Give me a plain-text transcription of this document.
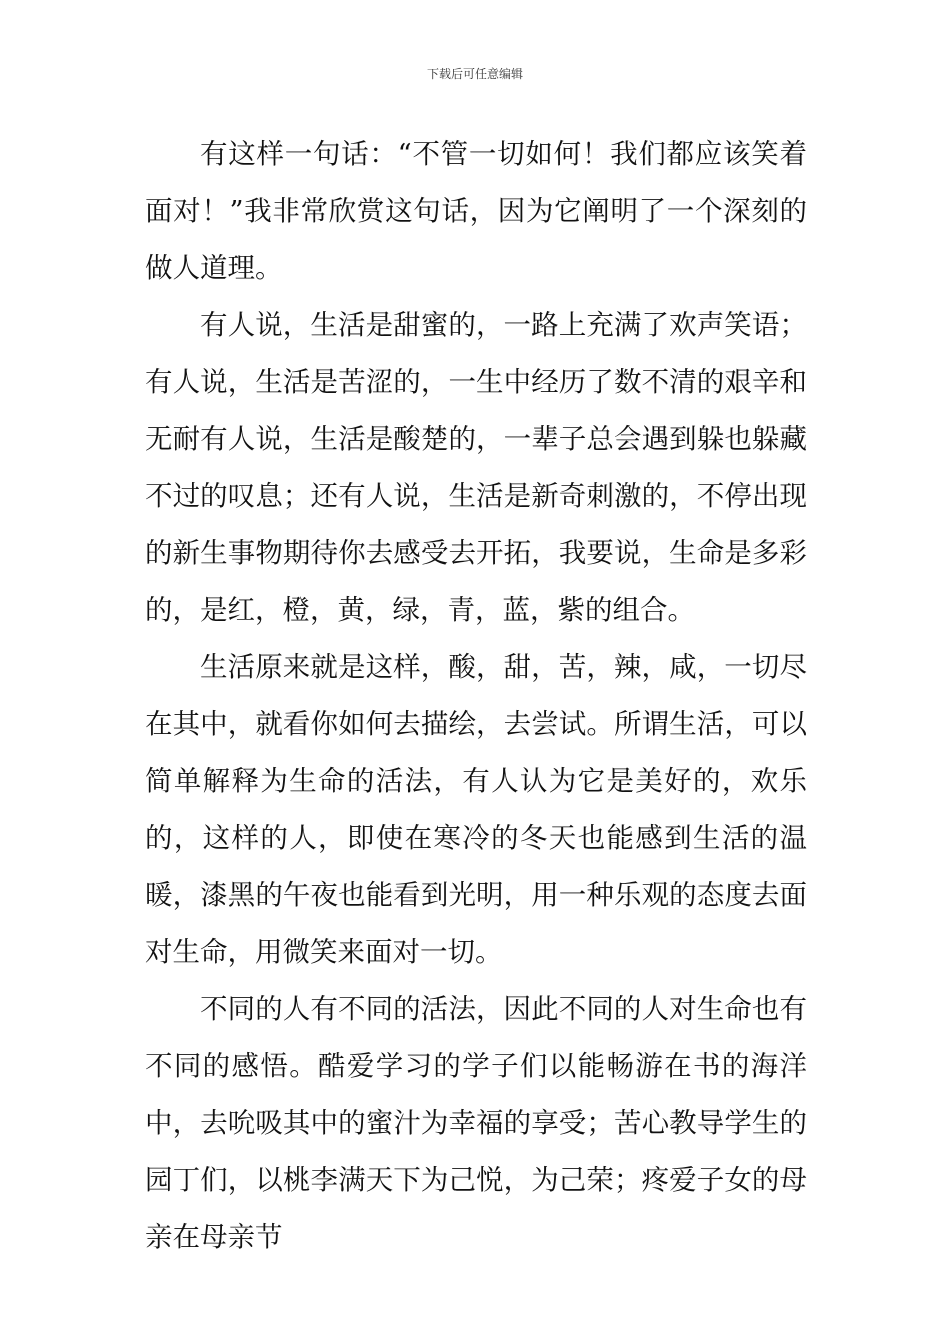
下载后可任意编辑

有这样一句话：“不管一切如何！我们都应该笑着面对！”我非常欣赏这句话，因为它阐明了一个深刻的做人道理。

有人说，生活是甜蜜的，一路上充满了欢声笑语；有人说，生活是苦涩的，一生中经历了数不清的艰辛和无耐有人说，生活是酸楚的，一辈子总会遇到躲也躲藏不过的叹息；还有人说，生活是新奇刺激的，不停出现的新生事物期待你去感受去开拓，我要说，生命是多彩的，是红，橙，黄，绿，青，蓝，紫的组合。

生活原来就是这样，酸，甜，苦，辣，咸，一切尽在其中，就看你如何去描绘，去尝试。所谓生活，可以简单解释为生命的活法，有人认为它是美好的，欢乐的，这样的人，即使在寒冷的冬天也能感到生活的温暖，漆黑的午夜也能看到光明，用一种乐观的态度去面对生命，用微笑来面对一切。

不同的人有不同的活法，因此不同的人对生命也有不同的感悟。酷爱学习的学子们以能畅游在书的海洋中，去吮吸其中的蜜汁为幸福的享受；苦心教导学生的园丁们，以桃李满天下为己悦，为己荣；疼爱子女的母亲在母亲节
